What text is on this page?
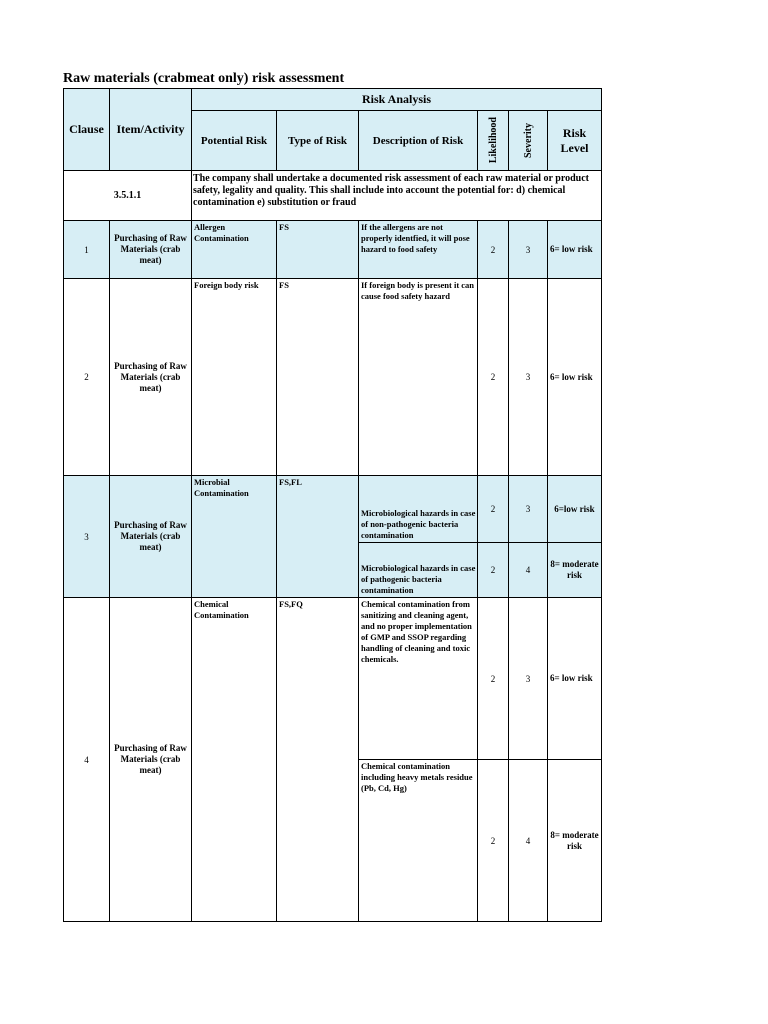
Raw materials (crabmeat only) risk assessment
Clause	Item/Activity	Risk Analysis					
		Potential Risk	Type of Risk	Description of Risk	Likelihood	Severity	Risk Level
3.5.1.1		The company shall undertake a documented risk assessment of each raw material or product safety, legality and quality. This shall include into account the potential for: d) chemical contamination e) substitution or fraud					
1	Purchasing of Raw Materials (crab meat)	Allergen Contamination	FS	If the allergens are not properly identfied, it will pose hazard to food safety	2	3	6= low risk
2	Purchasing of Raw Materials (crab meat)	Foreign body risk	FS	If foreign body is present it can cause food safety hazard	2	3	6= low risk
3	Purchasing of Raw Materials (crab meat)	Microbial Contamination	FS,FL	Microbiological hazards in case of non-pathogenic bacteria contamination	2	3	6=low risk
				Microbiological hazards in case of pathogenic bacteria contamination	2	4	8= moderate risk
4	Purchasing of Raw Materials (crab meat)	Chemical Contamination	FS,FQ	Chemical contamination from sanitizing and cleaning agent, and no proper implementation of GMP and SSOP regarding handling of cleaning and toxic chemicals.	2	3	6= low risk
				Chemical contamination including heavy metals residue (Pb, Cd, Hg)	2	4	8= moderate risk
